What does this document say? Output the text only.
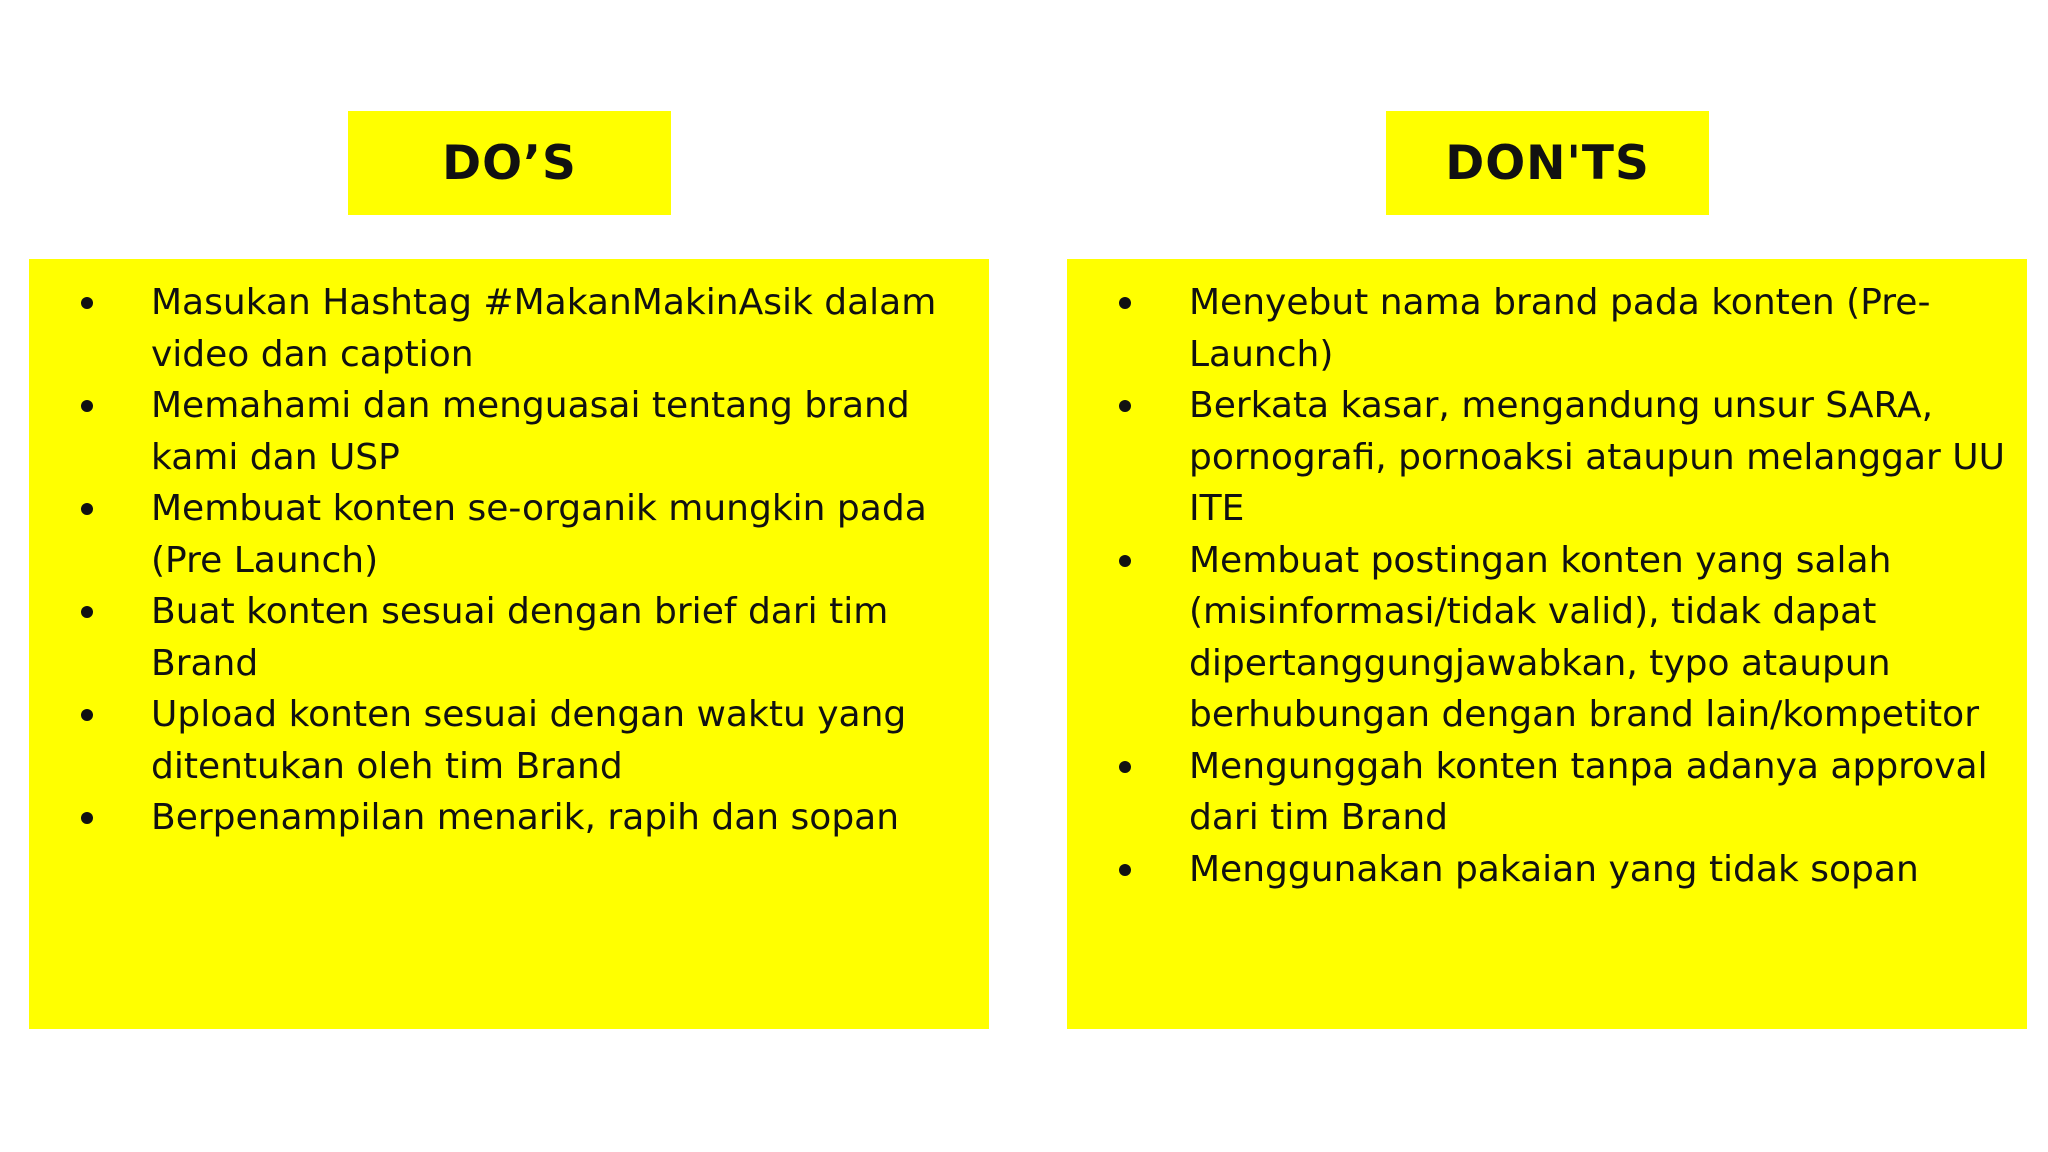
DO’S	DON'TS
Masukan Hashtag #MakanMakinAsik dalam video dan caption
Memahami dan menguasai tentang brand kami dan USP
Membuat konten se-organik mungkin pada (Pre Launch)
Buat konten sesuai dengan brief dari tim Brand
Upload konten sesuai dengan waktu yang ditentukan oleh tim Brand
Berpenampilan menarik, rapih dan sopan
Menyebut nama brand pada konten (Pre-Launch)
Berkata kasar, mengandung unsur SARA, pornografi, pornoaksi ataupun melanggar UU ITE
Membuat postingan konten yang salah (misinformasi/tidak valid), tidak dapat dipertanggungjawabkan, typo ataupun berhubungan dengan brand lain/kompetitor
Mengunggah konten tanpa adanya approval dari tim Brand
Menggunakan pakaian yang tidak sopan
